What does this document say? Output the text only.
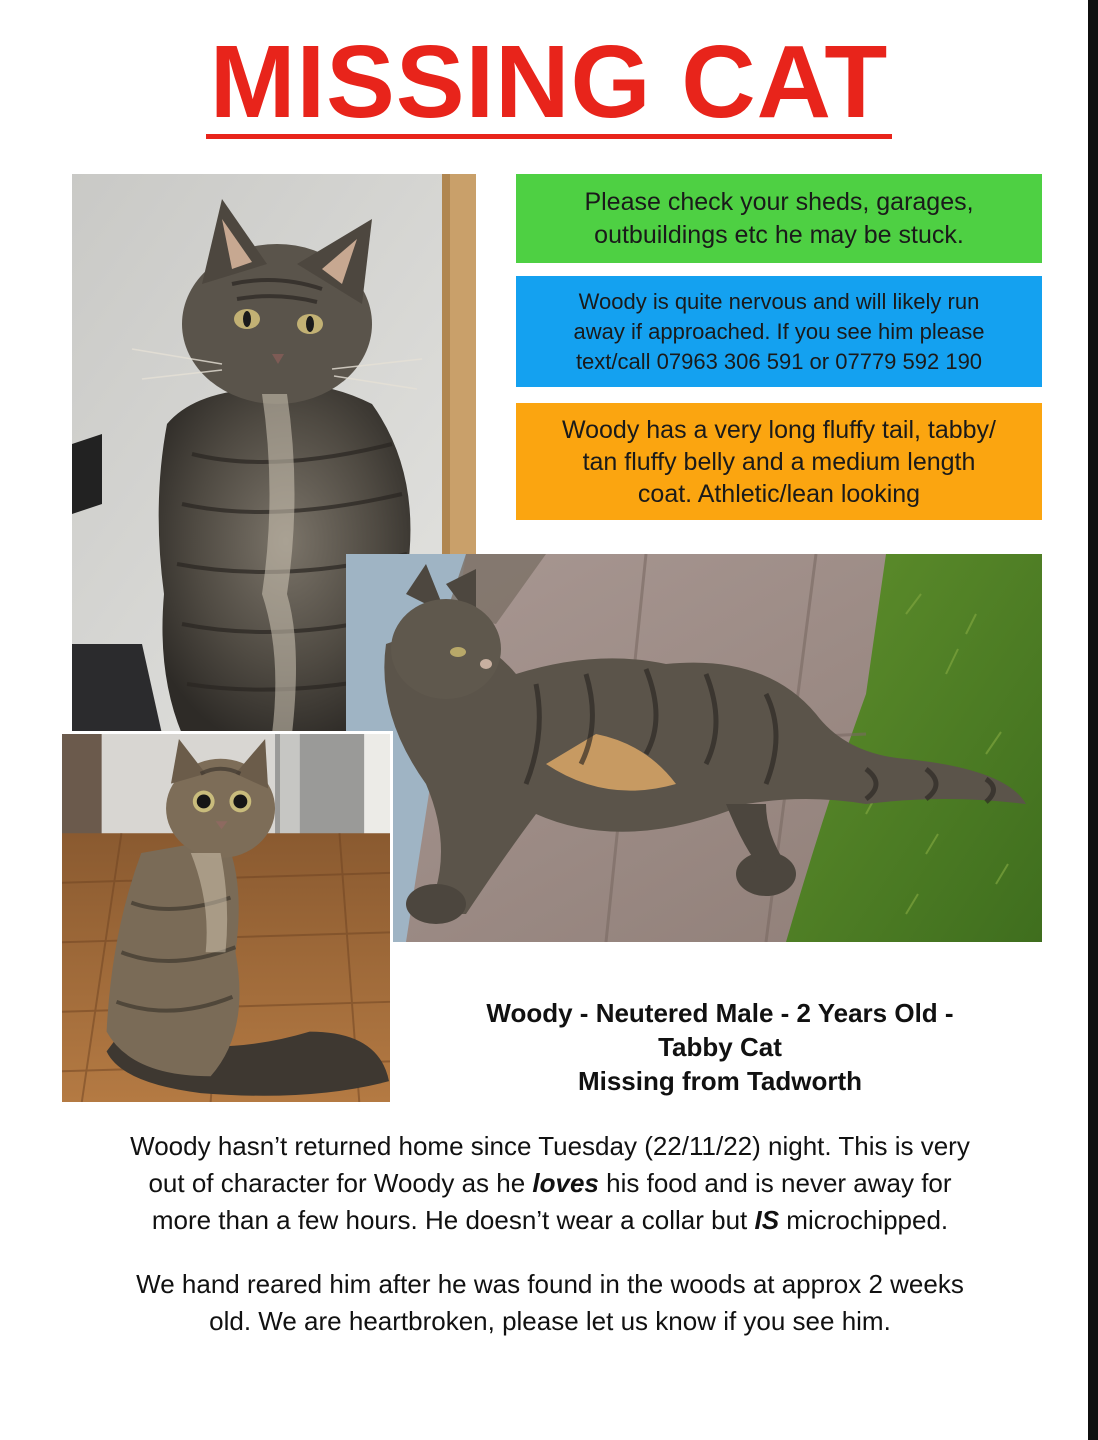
MISSING CAT
Please check your sheds, garages,
outbuildings etc he may be stuck.
Woody is quite nervous and will likely run
away if approached. If you see him please
text/call 07963 306 591 or 07779 592 190
Woody has a very long fluffy tail, tabby/
tan fluffy belly and a medium length
coat. Athletic/lean looking
Woody - Neutered Male - 2 Years Old -
Tabby Cat
Missing from Tadworth
Woody hasn’t returned home since Tuesday (22/11/22) night. This is very
out of character for Woody as he loves his food and is never away for
more than a few hours. He doesn’t wear a collar but IS microchipped.
We hand reared him after he was found in the woods at approx 2 weeks
old. We are heartbroken, please let us know if you see him.
